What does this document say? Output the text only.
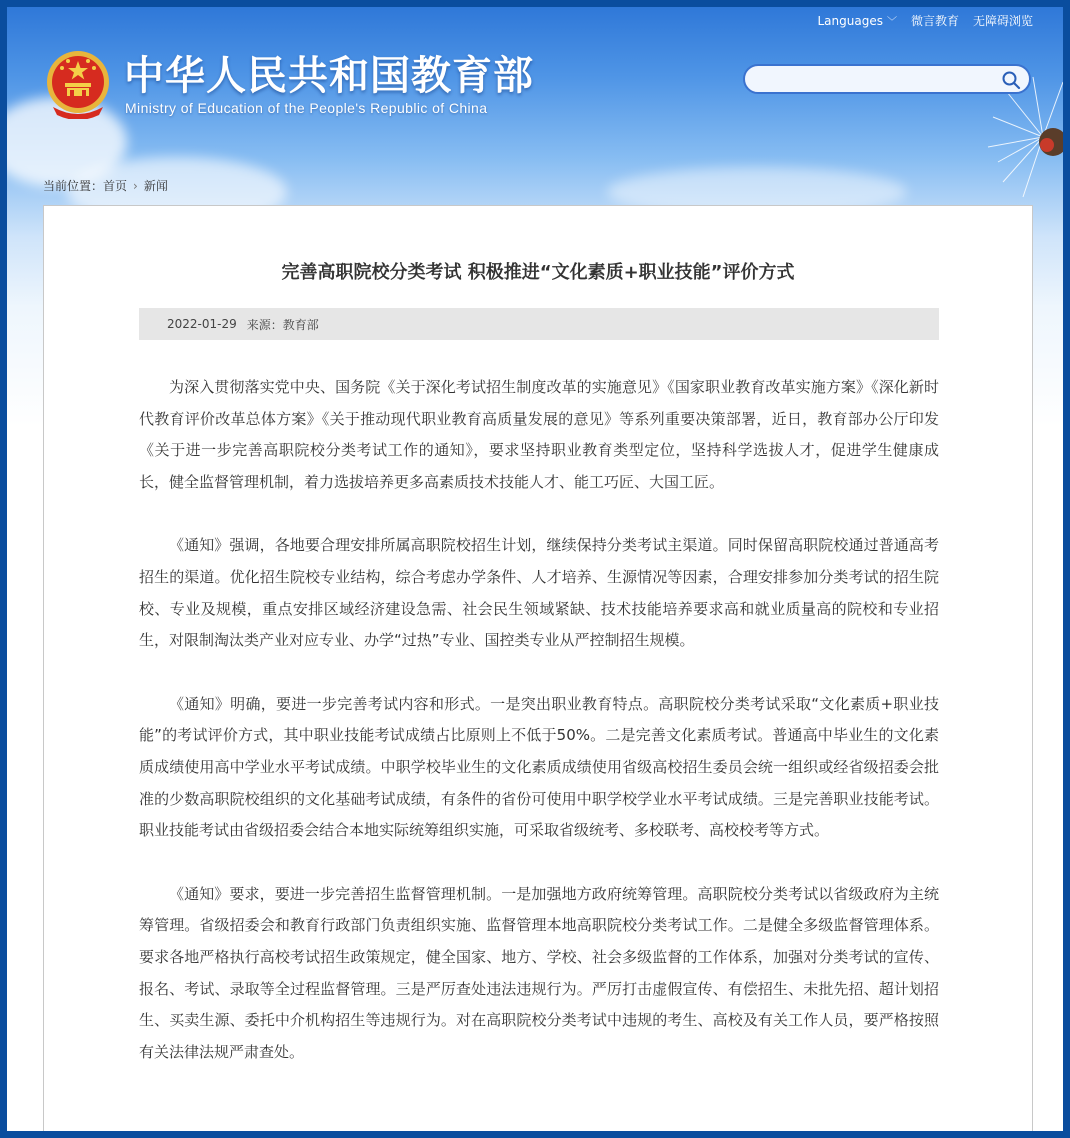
Languages ﹀ 微言教育 无障碍浏览
中华人民共和国教育部
Ministry of Education of the People's Republic of China
当前位置： 首页 › 新闻
完善高职院校分类考试 积极推进“文化素质+职业技能”评价方式
2022-01-29 来源：教育部

为深入贯彻落实党中央、国务院《关于深化考试招生制度改革的实施意见》《国家职业教育改革实施方案》《深化新时代教育评价改革总体方案》《关于推动现代职业教育高质量发展的意见》等系列重要决策部署，近日，教育部办公厅印发《关于进一步完善高职院校分类考试工作的通知》，要求坚持职业教育类型定位，坚持科学选拔人才，促进学生健康成长，健全监督管理机制，着力选拔培养更多高素质技术技能人才、能工巧匠、大国工匠。

《通知》强调，各地要合理安排所属高职院校招生计划，继续保持分类考试主渠道。同时保留高职院校通过普通高考招生的渠道。优化招生院校专业结构，综合考虑办学条件、人才培养、生源情况等因素，合理安排参加分类考试的招生院校、专业及规模，重点安排区域经济建设急需、社会民生领域紧缺、技术技能培养要求高和就业质量高的院校和专业招生，对限制淘汰类产业对应专业、办学“过热”专业、国控类专业从严控制招生规模。

《通知》明确，要进一步完善考试内容和形式。一是突出职业教育特点。高职院校分类考试采取“文化素质+职业技能”的考试评价方式，其中职业技能考试成绩占比原则上不低于50%。二是完善文化素质考试。普通高中毕业生的文化素质成绩使用高中学业水平考试成绩。中职学校毕业生的文化素质成绩使用省级高校招生委员会统一组织或经省级招委会批准的少数高职院校组织的文化基础考试成绩，有条件的省份可使用中职学校学业水平考试成绩。三是完善职业技能考试。职业技能考试由省级招委会结合本地实际统筹组织实施，可采取省级统考、多校联考、高校校考等方式。

《通知》要求，要进一步完善招生监督管理机制。一是加强地方政府统筹管理。高职院校分类考试以省级政府为主统筹管理。省级招委会和教育行政部门负责组织实施、监督管理本地高职院校分类考试工作。二是健全多级监督管理体系。要求各地严格执行高校考试招生政策规定，健全国家、地方、学校、社会多级监督的工作体系，加强对分类考试的宣传、报名、考试、录取等全过程监督管理。三是严厉查处违法违规行为。严厉打击虚假宣传、有偿招生、未批先招、超计划招生、买卖生源、委托中介机构招生等违规行为。对在高职院校分类考试中违规的考生、高校及有关工作人员，要严格按照有关法律法规严肃查处。
